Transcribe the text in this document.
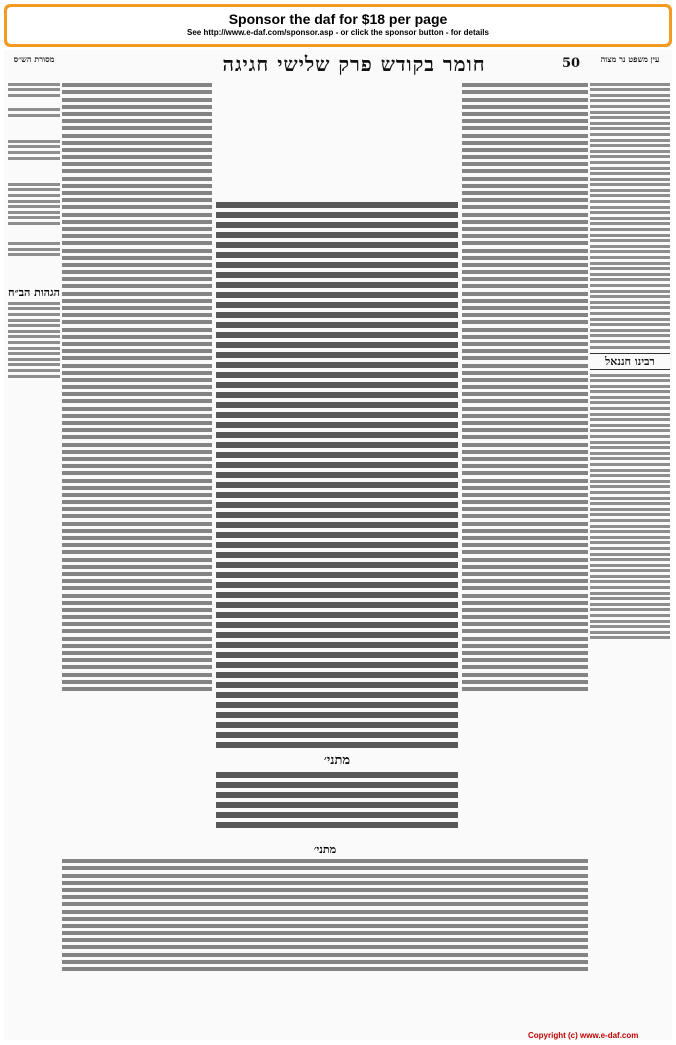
Sponsor the daf for $18 per page
See http://www.e-daf.com/sponsor.asp - or click the sponsor button - for details
מסורת הש״ס	חומר בקודש פרק שלישי חגיגה	50	עין משפט נר מצוה
הגהות הב״ח
מתני׳
רבינו חננאל
מתני׳
Copyright (c) www.e-daf.com
